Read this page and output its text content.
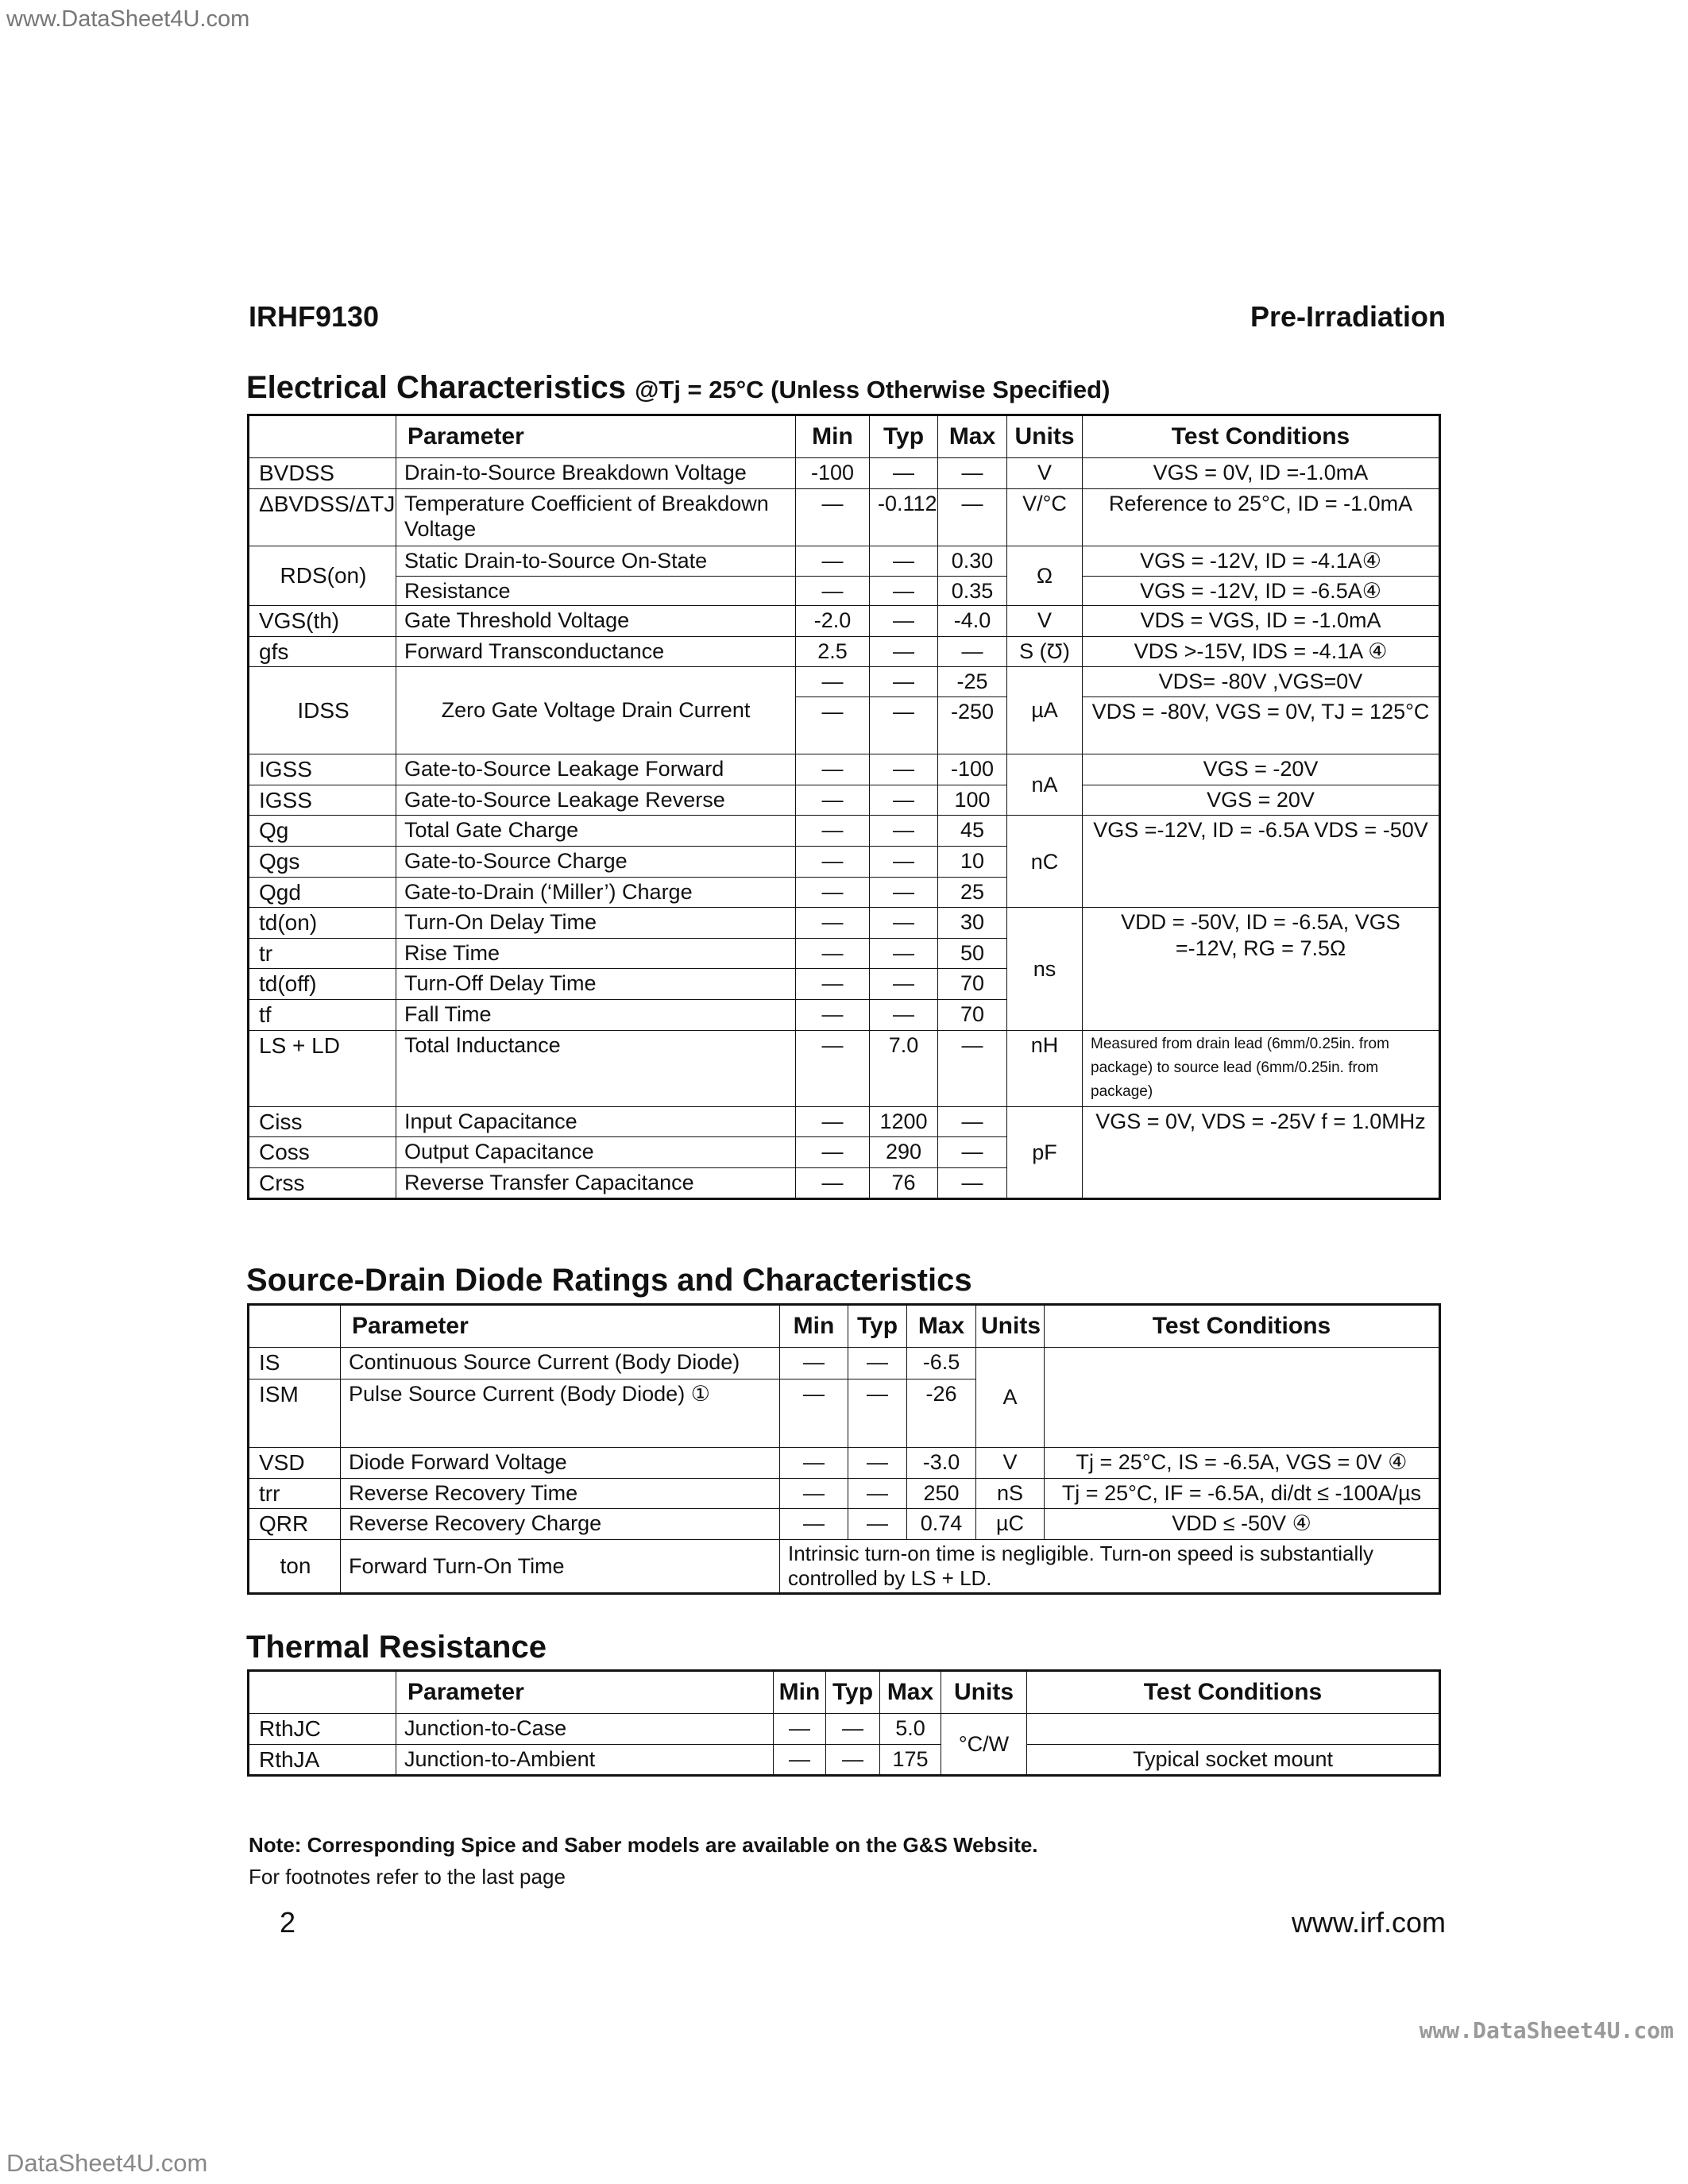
www.DataSheet4U.com
IRHF9130	Pre-Irradiation
Electrical Characteristics @Tj = 25°C (Unless Otherwise Specified)
	Parameter	Min	Typ	Max	Units	Test Conditions
BVDSS	Drain-to-Source Breakdown Voltage	-100	—	—	V	VGS = 0V, ID =-1.0mA
ΔBVDSS/ΔTJ	Temperature Coefficient of Breakdown Voltage	—	-0.112	—	V/°C	Reference to 25°C, ID = -1.0mA
RDS(on)	Static Drain-to-Source On-State	—	—	0.30	Ω	VGS = -12V, ID = -4.1A④
	Resistance	—	—	0.35		VGS = -12V, ID = -6.5A④
VGS(th)	Gate Threshold Voltage	-2.0	—	-4.0	V	VDS = VGS, ID = -1.0mA
gfs	Forward Transconductance	2.5	—	—	S (Ʊ)	VDS >-15V, IDS = -4.1A ④
IDSS	Zero Gate Voltage Drain Current	—	—	-25	µA	VDS= -80V ,VGS=0V
		—	—	-250		VDS = -80V, VGS = 0V, TJ = 125°C
IGSS	Gate-to-Source Leakage Forward	—	—	-100	nA	VGS = -20V
IGSS	Gate-to-Source Leakage Reverse	—	—	100		VGS = 20V
Qg	Total Gate Charge	—	—	45	nC	VGS =-12V, ID = -6.5A VDS = -50V
Qgs	Gate-to-Source Charge	—	—	10		
Qgd	Gate-to-Drain (‘Miller’) Charge	—	—	25		
td(on)	Turn-On Delay Time	—	—	30	ns	VDD = -50V, ID = -6.5A, VGS =-12V, RG = 7.5Ω
tr	Rise Time	—	—	50		
td(off)	Turn-Off Delay Time	—	—	70		
tf	Fall Time	—	—	70		
LS + LD	Total Inductance	—	7.0	—	nH	Measured from drain lead (6mm/0.25in. from package) to source lead (6mm/0.25in. from package)
Ciss	Input Capacitance	—	1200	—	pF	VGS = 0V, VDS = -25V f = 1.0MHz
Coss	Output Capacitance	—	290	—		
Crss	Reverse Transfer Capacitance	—	76	—		
Source-Drain Diode Ratings and Characteristics
	Parameter	Min	Typ	Max	Units	Test Conditions
IS	Continuous Source Current (Body Diode)	—	—	-6.5	A	
ISM	Pulse Source Current (Body Diode) ①	—	—	-26		
VSD	Diode Forward Voltage	—	—	-3.0	V	Tj = 25°C, IS = -6.5A, VGS = 0V ④
trr	Reverse Recovery Time	—	—	250	nS	Tj = 25°C, IF = -6.5A, di/dt ≤ -100A/µs
QRR	Reverse Recovery Charge	—	—	0.74	µC	VDD ≤ -50V ④
ton	Forward Turn-On Time	Intrinsic turn-on time is negligible. Turn-on speed is substantially controlled by LS + LD.				
Thermal Resistance
	Parameter	Min	Typ	Max	Units	Test Conditions
RthJC	Junction-to-Case	—	—	5.0	°C/W	
RthJA	Junction-to-Ambient	—	—	175		Typical socket mount
Note: Corresponding Spice and Saber models are available on the G&S Website.
For footnotes refer to the last page
2	www.irf.com
www.DataSheet4U.com
DataSheet4U.com
